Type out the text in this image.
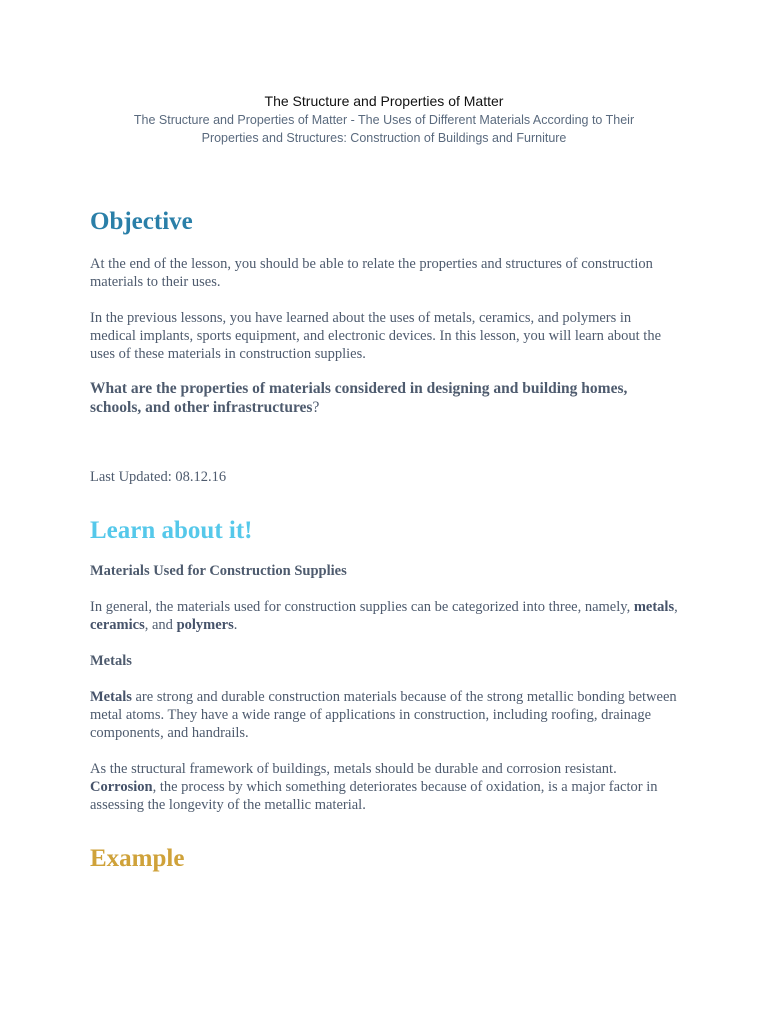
The Structure and Properties of Matter
The Structure and Properties of Matter - The Uses of Different Materials According to Their Properties and Structures: Construction of Buildings and Furniture
Objective

At the end of the lesson, you should be able to relate the properties and structures of construction materials to their uses.

In the previous lessons, you have learned about the uses of metals, ceramics, and polymers in medical implants, sports equipment, and electronic devices. In this lesson, you will learn about the uses of these materials in construction supplies.

What are the properties of materials considered in designing and building homes, schools, and other infrastructures?

Last Updated: 08.12.16

Learn about it!

Materials Used for Construction Supplies

In general, the materials used for construction supplies can be categorized into three, namely, metals, ceramics, and polymers.

Metals

Metals are strong and durable construction materials because of the strong metallic bonding between metal atoms. They have a wide range of applications in construction, including roofing, drainage components, and handrails.

As the structural framework of buildings, metals should be durable and corrosion resistant. Corrosion, the process by which something deteriorates because of oxidation, is a major factor in assessing the longevity of the metallic material.

Example
